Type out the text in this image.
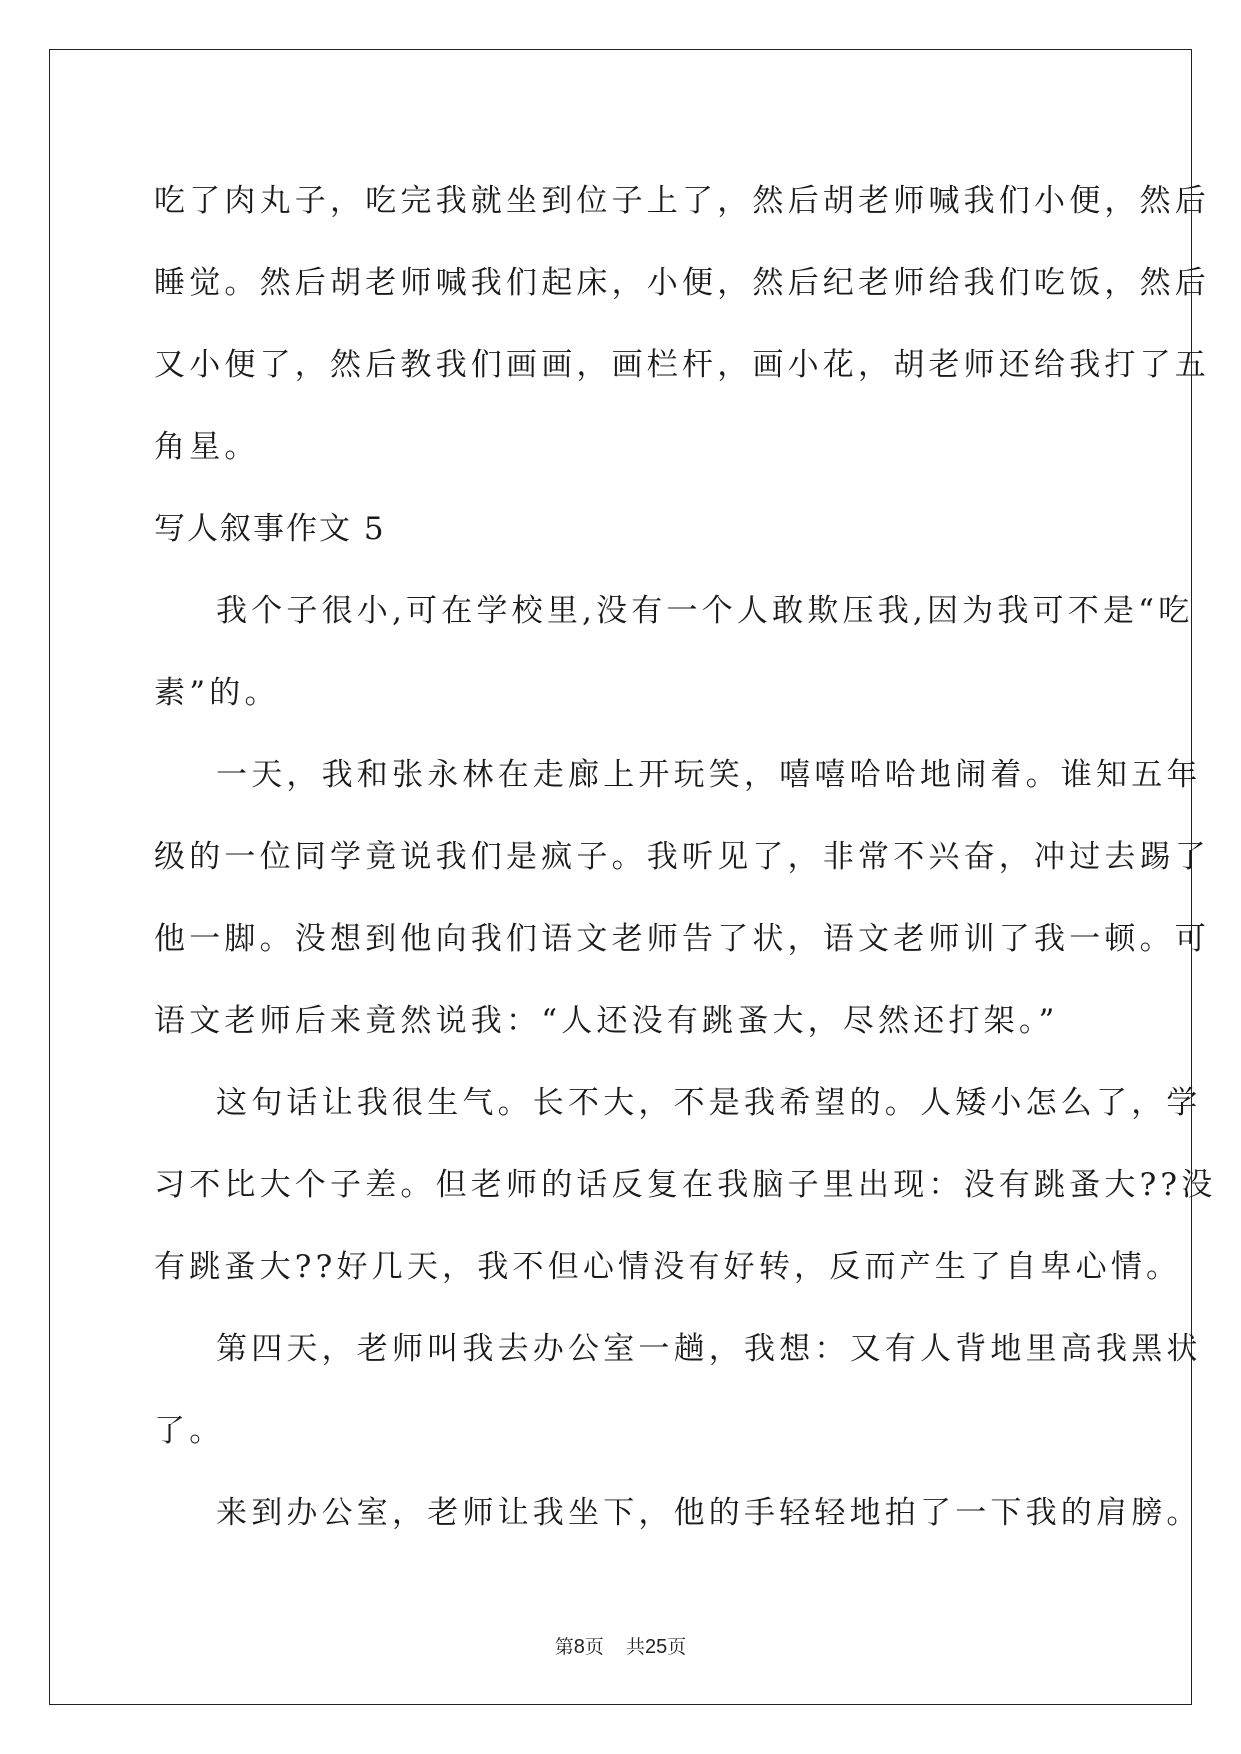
吃了肉丸子，吃完我就坐到位子上了，然后胡老师喊我们小便，然后
睡觉。然后胡老师喊我们起床，小便，然后纪老师给我们吃饭，然后
又小便了，然后教我们画画，画栏杆，画小花，胡老师还给我打了五
角星。
写人叙事作文 5
我个子很小,可在学校里,没有一个人敢欺压我,因为我可不是“吃
素”的。
一天，我和张永林在走廊上开玩笑，嘻嘻哈哈地闹着。谁知五年
级的一位同学竟说我们是疯子。我听见了，非常不兴奋，冲过去踢了
他一脚。没想到他向我们语文老师告了状，语文老师训了我一顿。可
语文老师后来竟然说我：“人还没有跳蚤大，尽然还打架。”
这句话让我很生气。长不大，不是我希望的。人矮小怎么了，学
习不比大个子差。但老师的话反复在我脑子里出现：没有跳蚤大??没
有跳蚤大??好几天，我不但心情没有好转，反而产生了自卑心情。
第四天，老师叫我去办公室一趟，我想：又有人背地里高我黑状
了。
来到办公室，老师让我坐下，他的手轻轻地拍了一下我的肩膀。
第8页 共25页
